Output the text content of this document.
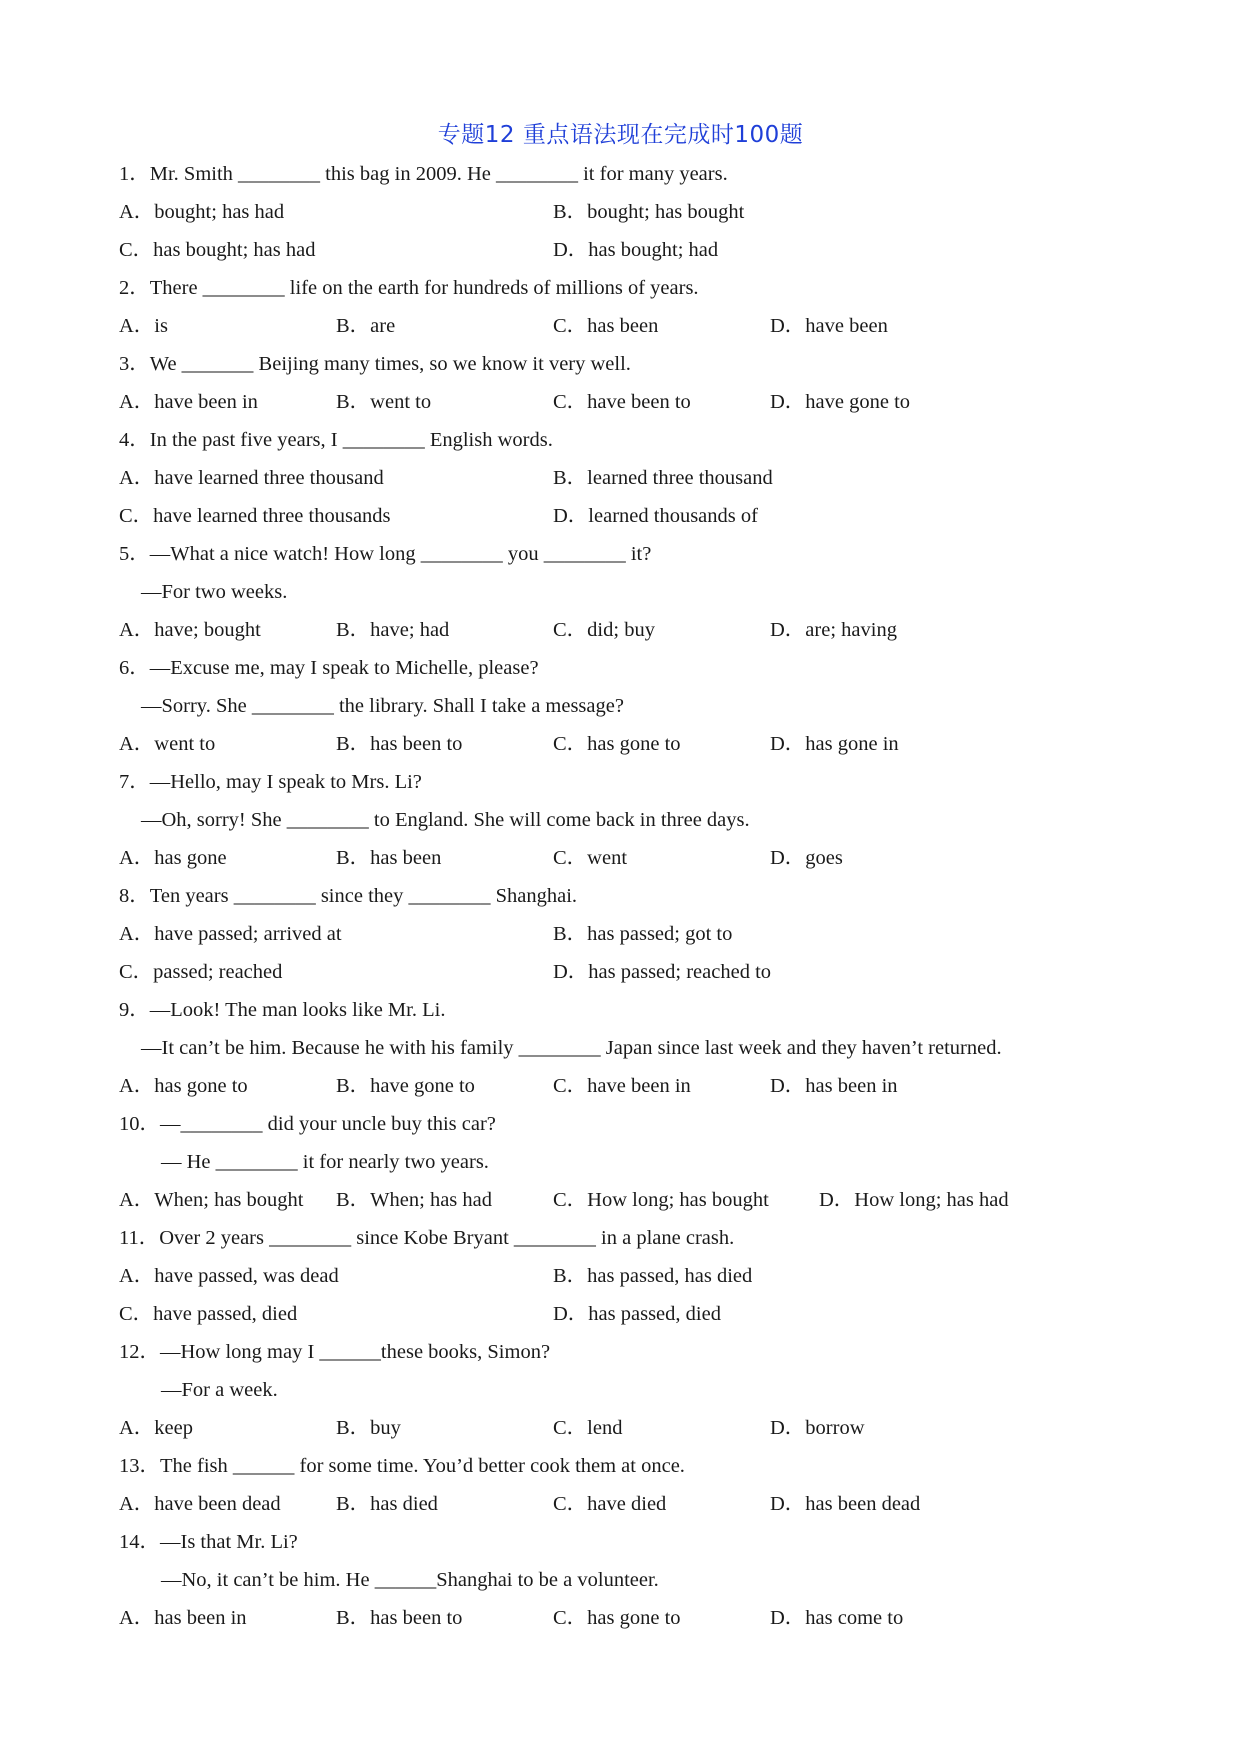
专题12 重点语法现在完成时100题
1．Mr. Smith ________ this bag in 2009. He ________ it for many years.
A．bought; has had	B．bought; has bought
C．has bought; has had	D．has bought; had
2．There ________ life on the earth for hundreds of millions of years.
A．is	B．are	C．has been	D．have been
3．We _______ Beijing many times, so we know it very well.
A．have been in	B．went to	C．have been to	D．have gone to
4．In the past five years, I ________ English words.
A．have learned three thousand	B．learned three thousand
C．have learned three thousands	D．learned thousands of
5．—What a nice watch! How long ________ you ________ it?
—For two weeks.
A．have; bought	B．have; had	C．did; buy	D．are; having
6．—Excuse me, may I speak to Michelle, please?
—Sorry. She ________ the library. Shall I take a message?
A．went to	B．has been to	C．has gone to	D．has gone in
7．—Hello, may I speak to Mrs. Li?
—Oh, sorry! She ________ to England. She will come back in three days.
A．has gone	B．has been	C．went	D．goes
8．Ten years ________ since they ________ Shanghai.
A．have passed; arrived at	B．has passed; got to
C．passed; reached	D．has passed; reached to
9．—Look! The man looks like Mr. Li.
—It can’t be him. Because he with his family ________ Japan since last week and they haven’t returned.
A．has gone to	B．have gone to	C．have been in	D．has been in
10．—________ did your uncle buy this car?
— He ________ it for nearly two years.
A．When; has bought B．When; has had	C．How long; has bought D．How long; has had
11．Over 2 years ________ since Kobe Bryant ________ in a plane crash.
A．have passed, was dead	B．has passed, has died
C．have passed, died	D．has passed, died
12．—How long may I ______these books, Simon?
—For a week.
A．keep	B．buy	C．lend	D．borrow
13．The fish ______ for some time. You’d better cook them at once.
A．have been dead	B．has died	C．have died	D．has been dead
14．—Is that Mr. Li?
—No, it can’t be him. He ______Shanghai to be a volunteer.
A．has been in	B．has been to	C．has gone to	D．has come to
